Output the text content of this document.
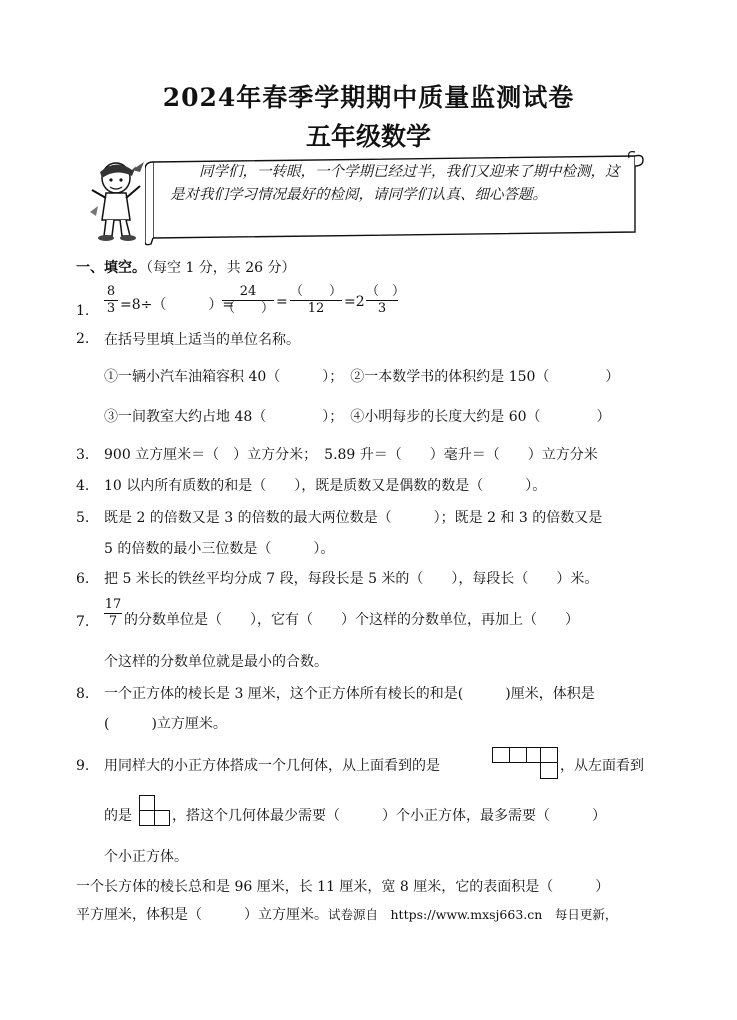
2024年春季学期期中质量监测试卷
五年级数学
同学们，一转眼，一个学期已经过半，我们又迎来了期中检测，这是对我们学习情况最好的检阅，请同学们认真、细心答题。
一、填空。（每空 1 分，共 26 分）
1.
8
3 =8÷（　　　）=
24
（　　） =
（　　）
12	=2
（　）
3
2. 在括号里填上适当的单位名称。
①一辆小汽车油箱容积 40（　　　）；　②一本数学书的体积约是 150（　　　　）
③一间教室大约占地 48（　　　　）；　④小明每步的长度大约是 60（　　　　）
3. 900 立方厘米＝（　）立方分米；　5.89 升＝（　　）毫升＝（　　）立方分米
4. 10 以内所有质数的和是（　　），既是质数又是偶数的数是（　　　）。
5. 既是 2 的倍数又是 3 的倍数的最大两位数是（　　　）；既是 2 和 3 的倍数又是
5 的倍数的最小三位数是（　　　）。
6. 把 5 米长的铁丝平均分成 7 段，每段长是 5 米的（　　），每段长（　　）米。
7.
17
7 的分数单位是（　　），它有（　　）个这样的分数单位，再加上（　　）
个这样的分数单位就是最小的合数。
8. 一个正方体的棱长是 3 厘米，这个正方体所有棱长的和是(　　　)厘米，体积是
(　　　)立方厘米。
9. 用同样大的小正方体搭成一个几何体，从上面看到的是	，从左面看到
的是	，搭这个几何体最少需要（　　　）个小正方体，最多需要（　　　）
个小正方体。
一个长方体的棱长总和是 96 厘米，长 11 厘米，宽 8 厘米，它的表面积是（　　　）
平方厘米，体积是（　　　）立方厘米。试卷源自　https://www.mxsj663.cn　每日更新，
